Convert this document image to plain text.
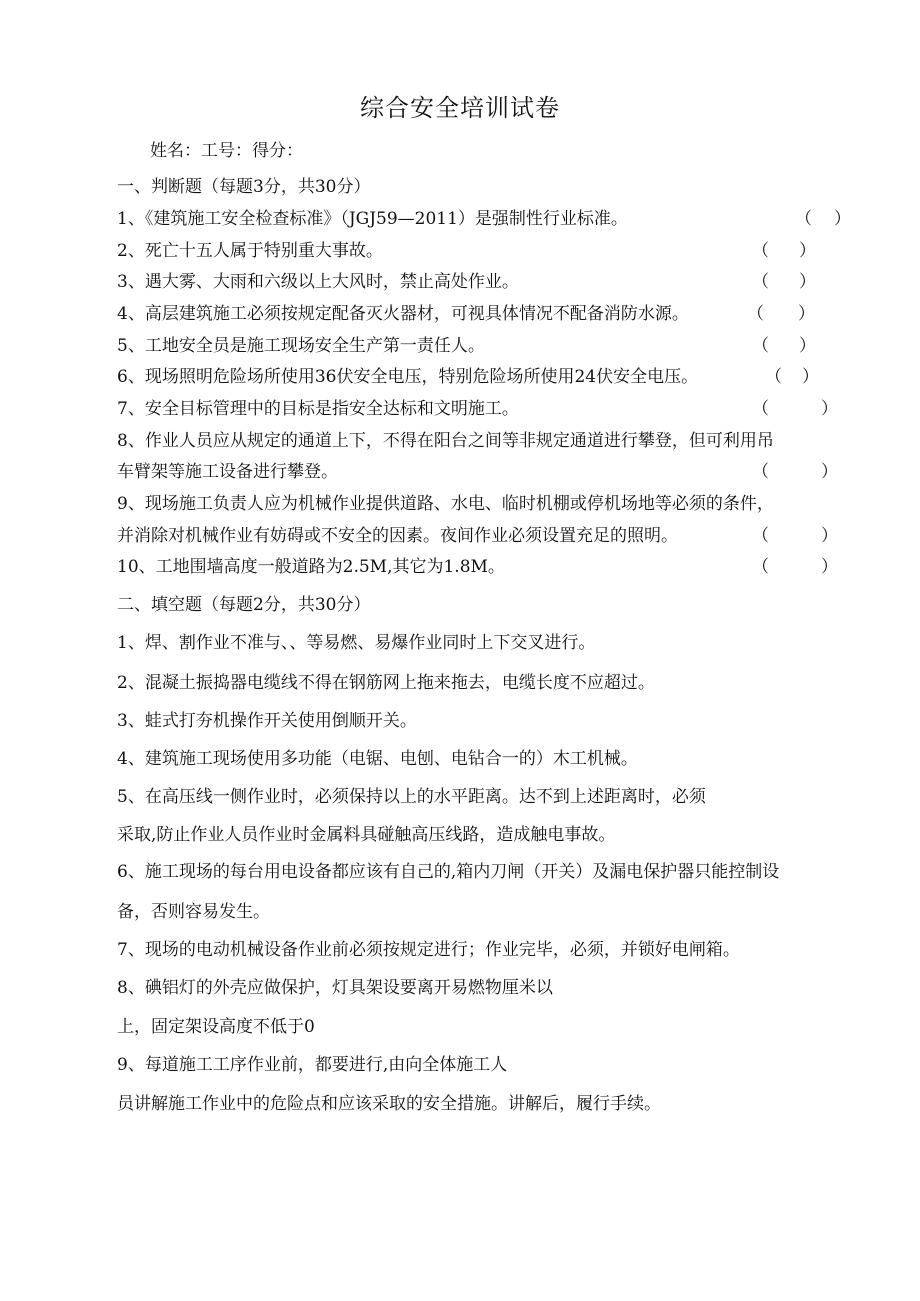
综合安全培训试卷
姓名：工号：得分：
一、判断题（每题3分，共30分）
1、《建筑施工安全检查标准》（JGJ59—2011）是强制性行业标准。	（ ）
2、死亡十五人属于特别重大事故。	（ ）
3、遇大雾、大雨和六级以上大风时，禁止高处作业。	（ ）
4、高层建筑施工必须按规定配备灭火器材，可视具体情况不配备消防水源。	（ ）
5、工地安全员是施工现场安全生产第一责任人。	（ ）
6、现场照明危险场所使用36伏安全电压，特别危险场所使用24伏安全电压。	（ ）
7、安全目标管理中的目标是指安全达标和文明施工。	（	）
8、作业人员应从规定的通道上下，不得在阳台之间等非规定通道进行攀登，但可利用吊
车臂架等施工设备进行攀登。	（	）
9、现场施工负责人应为机械作业提供道路、水电、临时机棚或停机场地等必须的条件，
并消除对机械作业有妨碍或不安全的因素。夜间作业必须设置充足的照明。	（	）
10、工地围墙高度一般道路为2.5M,其它为1.8M。	（	）
二、填空题（每题2分，共30分）
1、焊、割作业不准与、、等易燃、易爆作业同时上下交叉进行。
2、混凝土振捣器电缆线不得在钢筋网上拖来拖去，电缆长度不应超过。
3、蛙式打夯机操作开关使用倒顺开关。
4、建筑施工现场使用多功能（电锯、电刨、电钻合一的）木工机械。
5、在高压线一侧作业时，必须保持以上的水平距离。达不到上述距离时，必须
采取,防止作业人员作业时金属料具碰触高压线路，造成触电事故。
6、施工现场的每台用电设备都应该有自己的,箱内刀闸（开关）及漏电保护器只能控制设
备，否则容易发生。
7、现场的电动机械设备作业前必须按规定进行；作业完毕，必须，并锁好电闸箱。
8、碘铝灯的外壳应做保护，灯具架设要离开易燃物厘米以
上，固定架设高度不低于0
9、每道施工工序作业前，都要进行,由向全体施工人
员讲解施工作业中的危险点和应该采取的安全措施。讲解后，履行手续。
